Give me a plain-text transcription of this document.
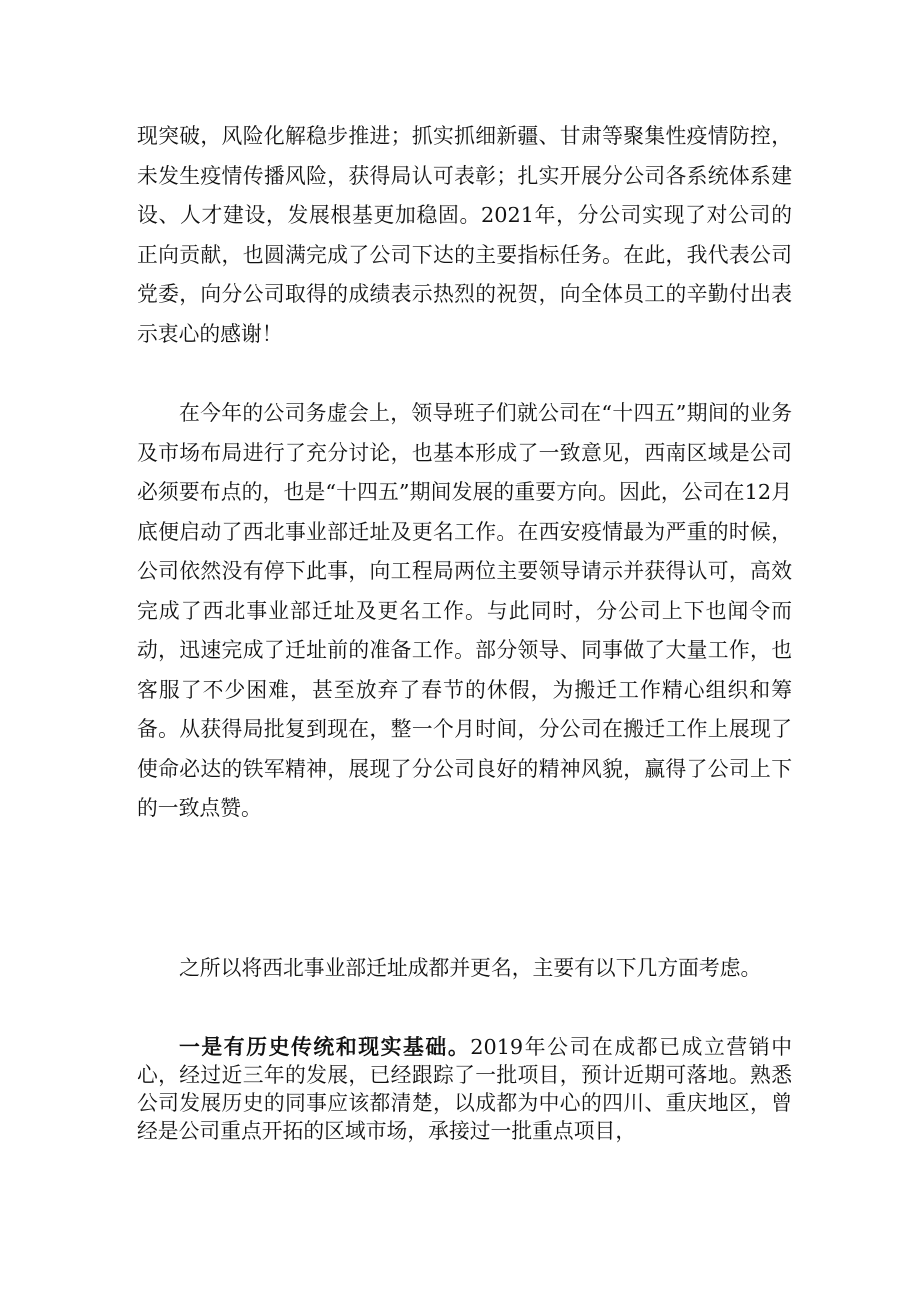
现突破，风险化解稳步推进；抓实抓细新疆、甘肃等聚集性疫情防控，未发生疫情传播风险，获得局认可表彰；扎实开展分公司各系统体系建设、人才建设，发展根基更加稳固。2021年，分公司实现了对公司的正向贡献，也圆满完成了公司下达的主要指标任务。在此，我代表公司党委，向分公司取得的成绩表示热烈的祝贺，向全体员工的辛勤付出表示衷心的感谢！

在今年的公司务虚会上，领导班子们就公司在“十四五”期间的业务及市场布局进行了充分讨论，也基本形成了一致意见，西南区域是公司必须要布点的，也是“十四五”期间发展的重要方向。因此，公司在12月底便启动了西北事业部迁址及更名工作。在西安疫情最为严重的时候，公司依然没有停下此事，向工程局两位主要领导请示并获得认可，高效完成了西北事业部迁址及更名工作。与此同时，分公司上下也闻令而动，迅速完成了迁址前的准备工作。部分领导、同事做了大量工作，也客服了不少困难，甚至放弃了春节的休假，为搬迁工作精心组织和筹备。从获得局批复到现在，整一个月时间，分公司在搬迁工作上展现了使命必达的铁军精神，展现了分公司良好的精神风貌，赢得了公司上下的一致点赞。

之所以将西北事业部迁址成都并更名，主要有以下几方面考虑。

一是有历史传统和现实基础。2019年公司在成都已成立营销中心，经过近三年的发展，已经跟踪了一批项目，预计近期可落地。熟悉公司发展历史的同事应该都清楚，以成都为中心的四川、重庆地区，曾经是公司重点开拓的区域市场，承接过一批重点项目，
